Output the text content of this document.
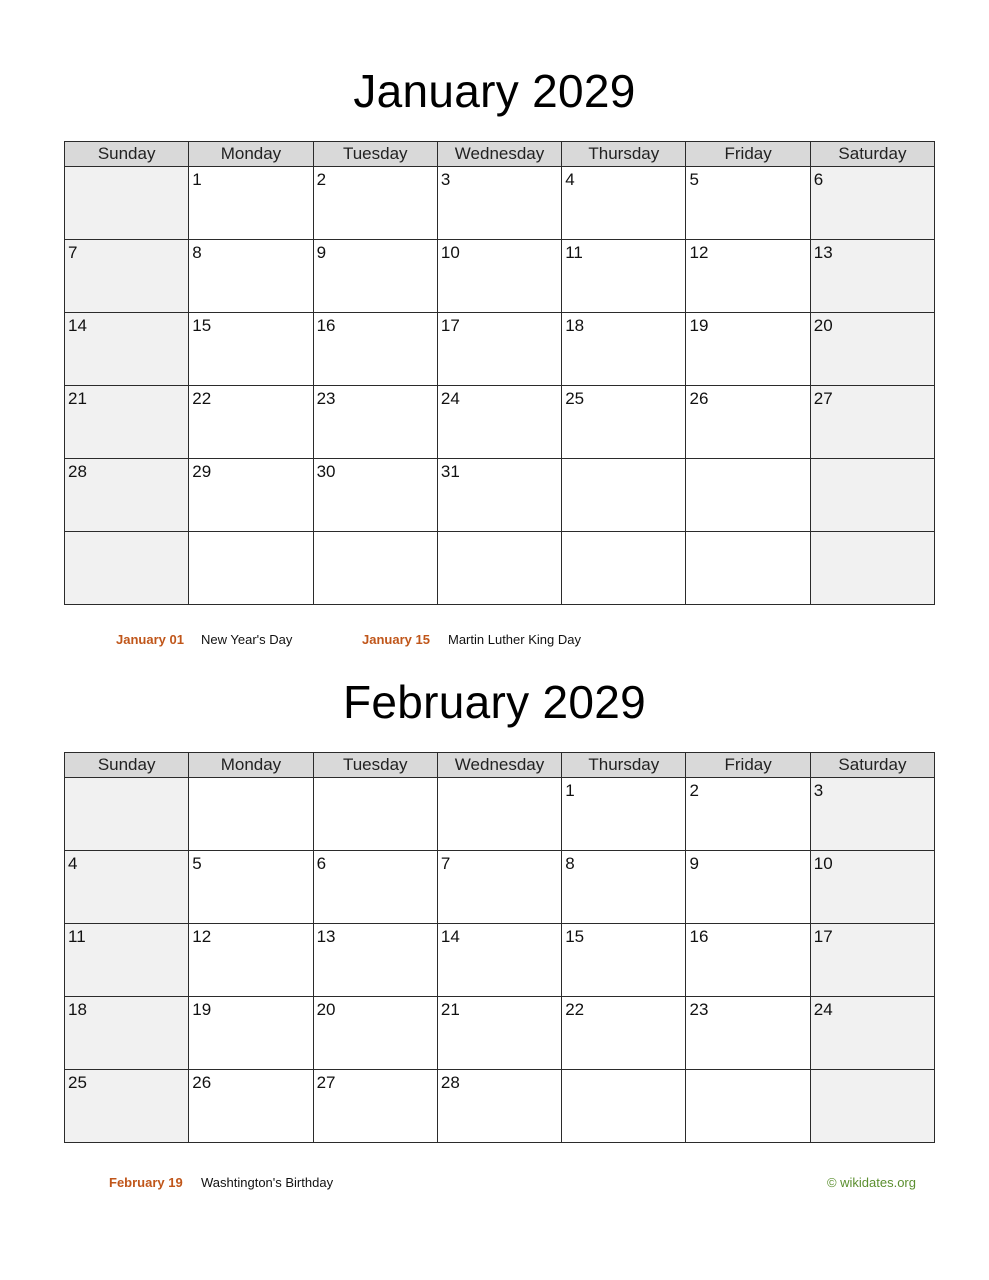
January 2029
Sunday	Monday	Tuesday	Wednesday	Thursday	Friday	Saturday
	1	2	3	4	5	6
7	8	9	10	11	12	13
14	15	16	17	18	19	20
21	22	23	24	25	26	27
28	29	30	31			

January 01 New Year's Day	January 15 Martin Luther King Day
February 2029
Sunday	Monday	Tuesday	Wednesday	Thursday	Friday	Saturday
				1	2	3
4	5	6	7	8	9	10
11	12	13	14	15	16	17
18	19	20	21	22	23	24
25	26	27	28			
February 19 Washtington's Birthday	© wikidates.org
